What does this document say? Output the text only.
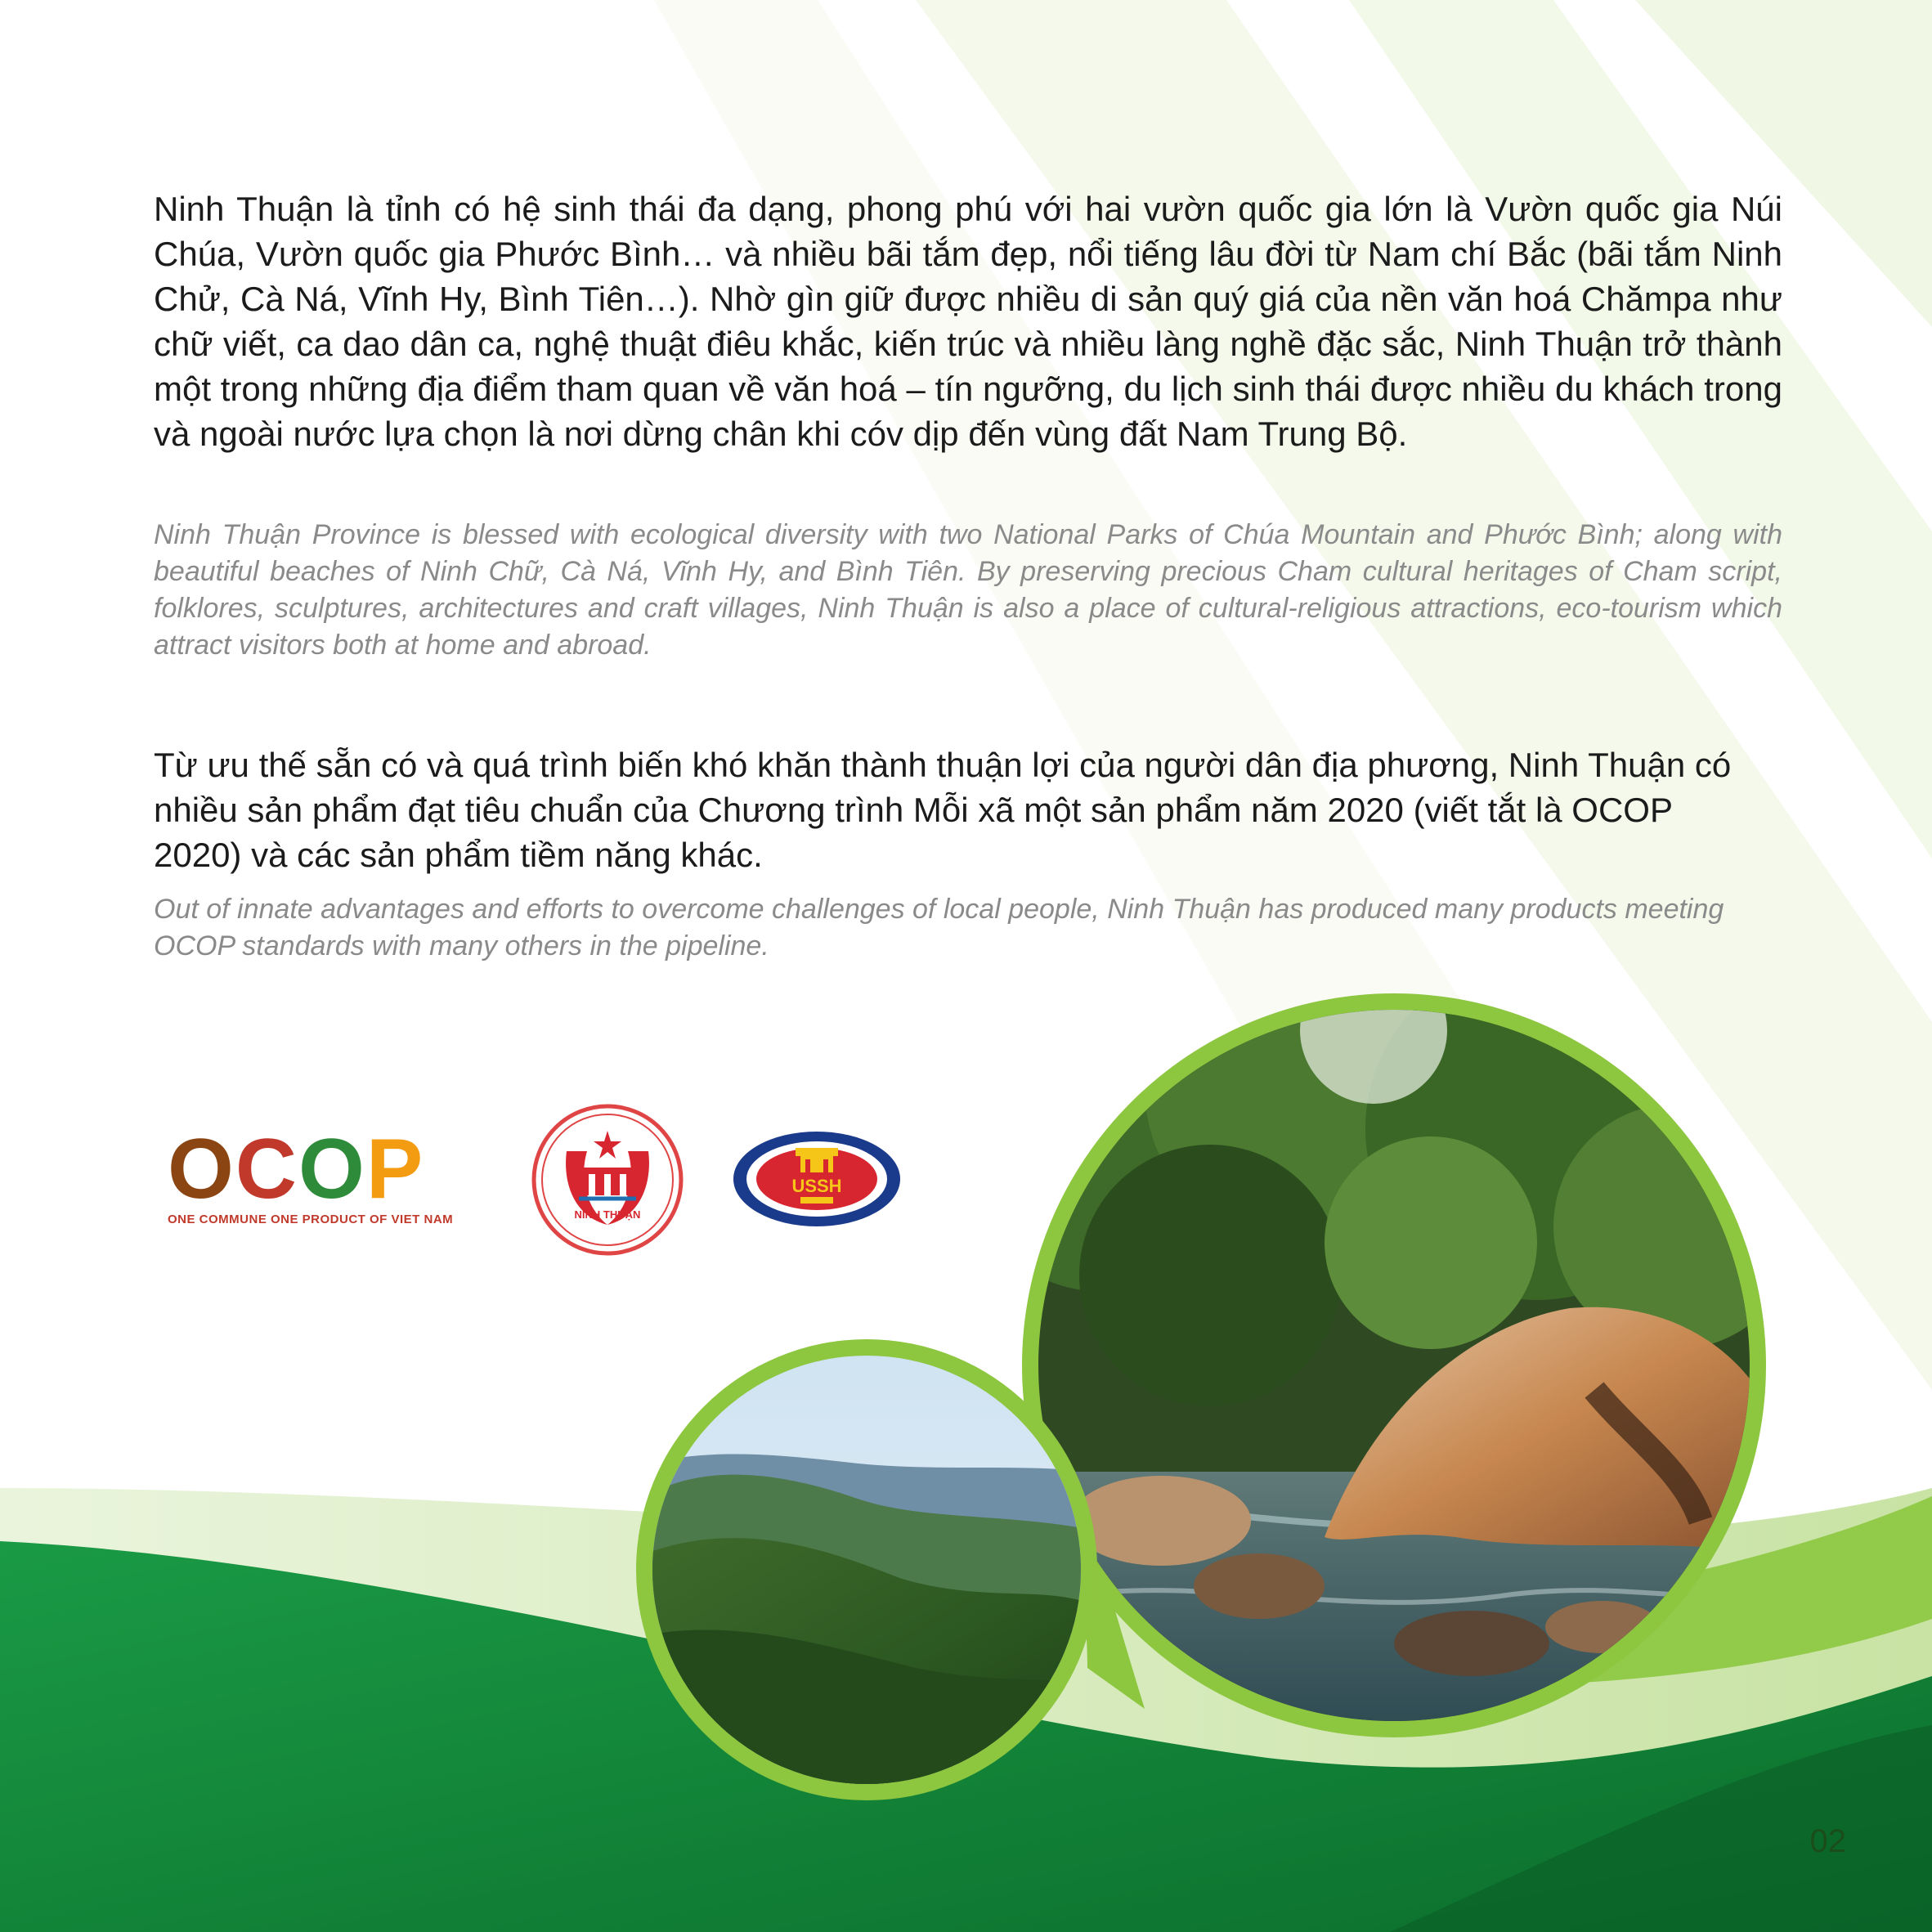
Ninh Thuận là tỉnh có hệ sinh thái đa dạng, phong phú với hai vườn quốc gia lớn là Vườn quốc gia Núi Chúa, Vườn quốc gia Phước Bình… và nhiều bãi tắm đẹp, nổi tiếng lâu đời từ Nam chí Bắc (bãi tắm Ninh Chử, Cà Ná, Vĩnh Hy, Bình Tiên…). Nhờ gìn giữ được nhiều di sản quý giá của nền văn hoá Chămpa như chữ viết, ca dao dân ca, nghệ thuật điêu khắc, kiến trúc và nhiều làng nghề đặc sắc, Ninh Thuận trở thành một trong những địa điểm tham quan về văn hoá – tín ngưỡng, du lịch sinh thái được nhiều du khách trong và ngoài nước lựa chọn là nơi dừng chân khi cóv dịp đến vùng đất Nam Trung Bộ.

Ninh Thuận Province is blessed with ecological diversity with two National Parks of Chúa Mountain and Phước Bình; along with beautiful beaches of Ninh Chữ, Cà Ná, Vĩnh Hy, and Bình Tiên. By preserving precious Cham cultural heritages of Cham script, folklores, sculptures, architectures and craft villages, Ninh Thuận is also a place of cultural-religious attractions, eco-tourism which attract visitors both at home and abroad.

Từ ưu thế sẵn có và quá trình biến khó khăn thành thuận lợi của người dân địa phương, Ninh Thuận có nhiều sản phẩm đạt tiêu chuẩn của Chương trình Mỗi xã một sản phẩm năm 2020 (viết tắt là OCOP 2020) và các sản phẩm tiềm năng khác.

Out of innate advantages and efforts to overcome challenges of local people, Ninh Thuận has produced many products meeting OCOP standards with many others in the pipeline.

OCOP
ONE COMMUNE ONE PRODUCT OF VIET NAM	NINH THUẬN
USSH
02
